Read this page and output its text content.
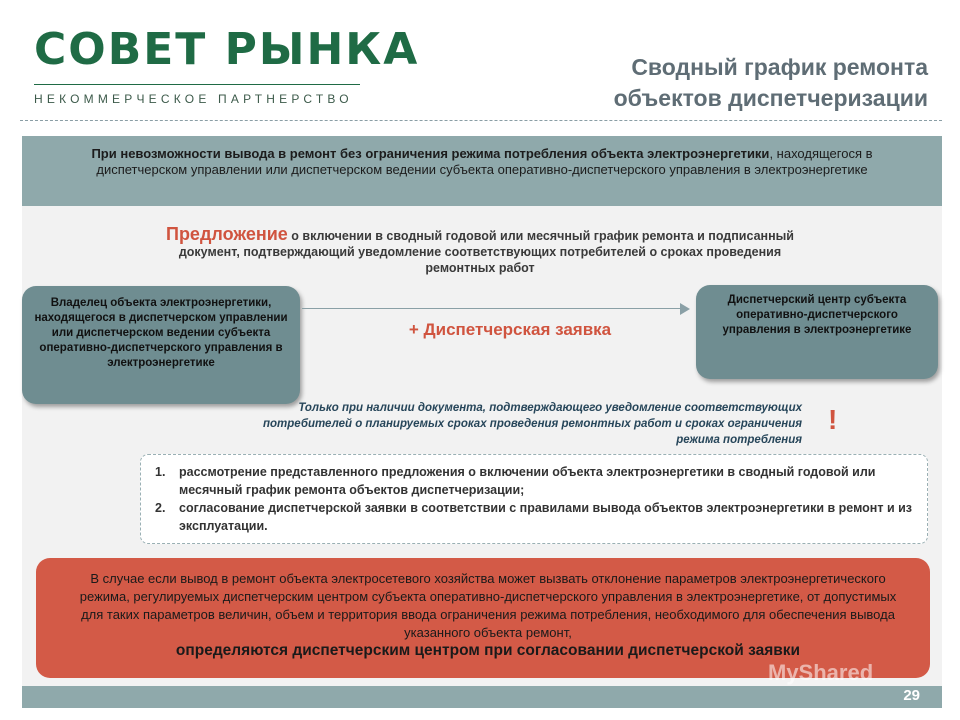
СОВЕТ РЫНКА
НЕКОММЕРЧЕСКОЕ ПАРТНЕРСТВО
Сводный график ремонта
объектов диспетчеризации
При невозможности вывода в ремонт без ограничения режима потребления объекта электроэнергетики, находящегося в диспетчерском управлении или диспетчерском ведении субъекта оперативно-диспетчерского управления в электроэнергетике
Предложение о включении в сводный годовой или месячный график ремонта и подписанный документ, подтверждающий уведомление соответствующих потребителей о сроках проведения ремонтных работ
Владелец объекта электроэнергетики, находящегося в диспетчерском управлении или диспетчерском ведении субъекта оперативно-диспетчерского управления в электроэнергетике
Диспетчерский центр субъекта оперативно-диспетчерского управления в электроэнергетике
+ Диспетчерская заявка
Только при наличии документа, подтверждающего уведомление соответствующих потребителей о планируемых сроках проведения ремонтных работ и сроках ограничения режима потребления
!
1.	рассмотрение представленного предложения о включении объекта электроэнергетики в сводный годовой или месячный график ремонта объектов диспетчеризации;
2.	согласование диспетчерской заявки в соответствии с правилами вывода объектов электроэнергетики в ремонт и из эксплуатации.
В случае если вывод в ремонт объекта электросетевого хозяйства может вызвать отклонение параметров электроэнергетического режима, регулируемых диспетчерским центром субъекта оперативно-диспетчерского управления в электроэнергетике, от допустимых для таких параметров величин, объем и территория ввода ограничения режима потребления, необходимого для обеспечения вывода указанного объекта ремонт,
определяются диспетчерским центром при согласовании диспетчерской заявки
29
MyShared
